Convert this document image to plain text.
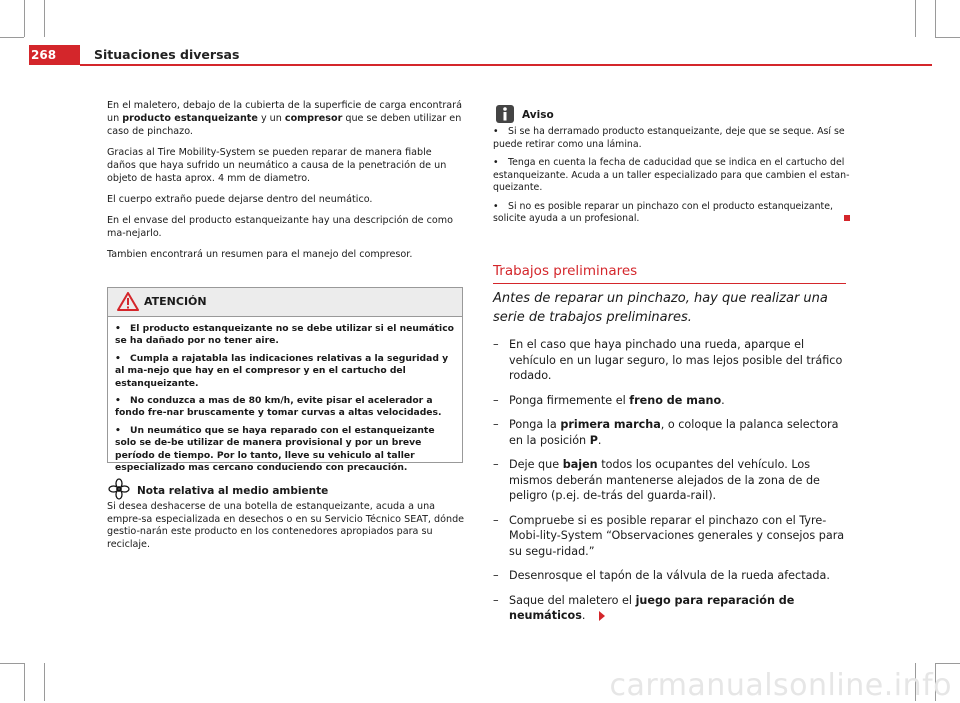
268	Situaciones diversas

En el maletero, debajo de la cubierta de la superficie de carga encontrará un producto estanqueizante y un compresor que se deben utilizar en caso de pinchazo.

Gracias al Tire Mobility-System se pueden reparar de manera fiable daños que haya sufrido un neumático a causa de la penetración de un objeto de hasta aprox. 4 mm de diametro.

El cuerpo extraño puede dejarse dentro del neumático.

En el envase del producto estanqueizante hay una descripción de como ma-nejarlo.

Tambien encontrará un resumen para el manejo del compresor.

ATENCIÓN
• El producto estanqueizante no se debe utilizar si el neumático se ha dañado por no tener aire.
• Cumpla a rajatabla las indicaciones relativas a la seguridad y al ma-nejo que hay en el compresor y en el cartucho del estanqueizante.
• No conduzca a mas de 80 km/h, evite pisar el acelerador a fondo fre-nar bruscamente y tomar curvas a altas velocidades.
• Un neumático que se haya reparado con el estanqueizante solo se de-be utilizar de manera provisional y por un breve período de tiempo. Por lo tanto, lleve su vehiculo al taller especializado mas cercano conduciendo con precaución.
Nota relativa al medio ambiente
Si desea deshacerse de una botella de estanqueizante, acuda a una empre-sa especializada en desechos o en su Servicio Técnico SEAT, dónde gestio-narán este producto en los contenedores apropiados para su reciclaje.
Aviso
• Si se ha derramado producto estanqueizante, deje que se seque. Así se puede retirar como una lámina.
• Tenga en cuenta la fecha de caducidad que se indica en el cartucho del estanqueizante. Acuda a un taller especializado para que cambien el estan-queizante.
• Si no es posible reparar un pinchazo con el producto estanqueizante, solicite ayuda a un profesional.
Trabajos preliminares
Antes de reparar un pinchazo, hay que realizar una serie de trabajos preliminares.
– En el caso que haya pinchado una rueda, aparque el vehículo en un lugar seguro, lo mas lejos posible del tráfico rodado.
– Ponga firmemente el freno de mano.
– Ponga la primera marcha, o coloque la palanca selectora en la posición P.
– Deje que bajen todos los ocupantes del vehículo. Los mismos deberán mantenerse alejados de la zona de de peligro (p.ej. de-trás del guarda-rail).
– Compruebe si es posible reparar el pinchazo con el Tyre-Mobi-lity-System “Observaciones generales y consejos para su segu-ridad.”
– Desenrosque el tapón de la válvula de la rueda afectada.
– Saque del maletero el juego para reparación de neumáticos.
carmanualsonline.info
